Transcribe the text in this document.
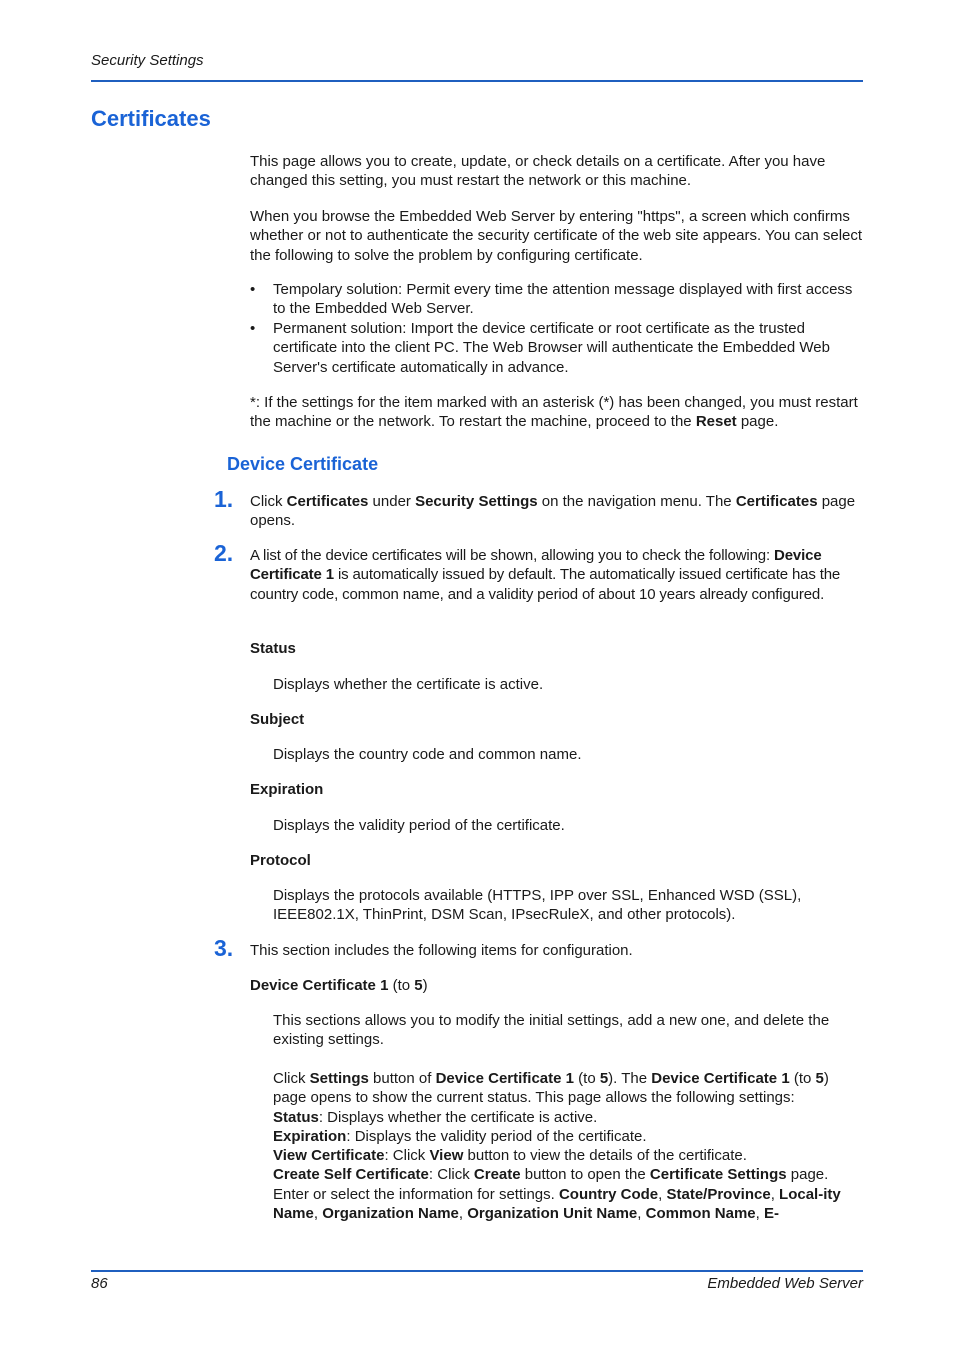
Security Settings
Certificates
This page allows you to create, update, or check details on a certificate. After you have changed this setting, you must restart the network or this machine.
When you browse the Embedded Web Server by entering "https", a screen which confirms whether or not to authenticate the security certificate of the web site appears. You can select the following to solve the problem by configuring certificate.
• Tempolary solution: Permit every time the attention message displayed with first access to the Embedded Web Server.
• Permanent solution: Import the device certificate or root certificate as the trusted certificate into the client PC. The Web Browser will authenticate the Embedded Web Server's certificate automatically in advance.
*: If the settings for the item marked with an asterisk (*) has been changed, you must restart the machine or the network. To restart the machine, proceed to the Reset page.
Device Certificate
1. Click Certificates under Security Settings on the navigation menu. The Certificates page opens.
2. A list of the device certificates will be shown, allowing you to check the following: Device Certificate 1 is automatically issued by default. The automatically issued certificate has the country code, common name, and a validity period of about 10 years already configured.
Status
Displays whether the certificate is active.
Subject
Displays the country code and common name.
Expiration
Displays the validity period of the certificate.
Protocol
Displays the protocols available (HTTPS, IPP over SSL, Enhanced WSD (SSL), IEEE802.1X, ThinPrint, DSM Scan, IPsecRuleX, and other protocols).
3. This section includes the following items for configuration.
Device Certificate 1 (to 5)
This sections allows you to modify the initial settings, add a new one, and delete the existing settings.
Click Settings button of Device Certificate 1 (to 5). The Device Certificate 1 (to 5) page opens to show the current status. This page allows the following settings:
Status: Displays whether the certificate is active.
Expiration: Displays the validity period of the certificate.
View Certificate: Click View button to view the details of the certificate.
Create Self Certificate: Click Create button to open the Certificate Settings page. Enter or select the information for settings. Country Code, State/Province, Local-ity Name, Organization Name, Organization Unit Name, Common Name, E-
86	Embedded Web Server
